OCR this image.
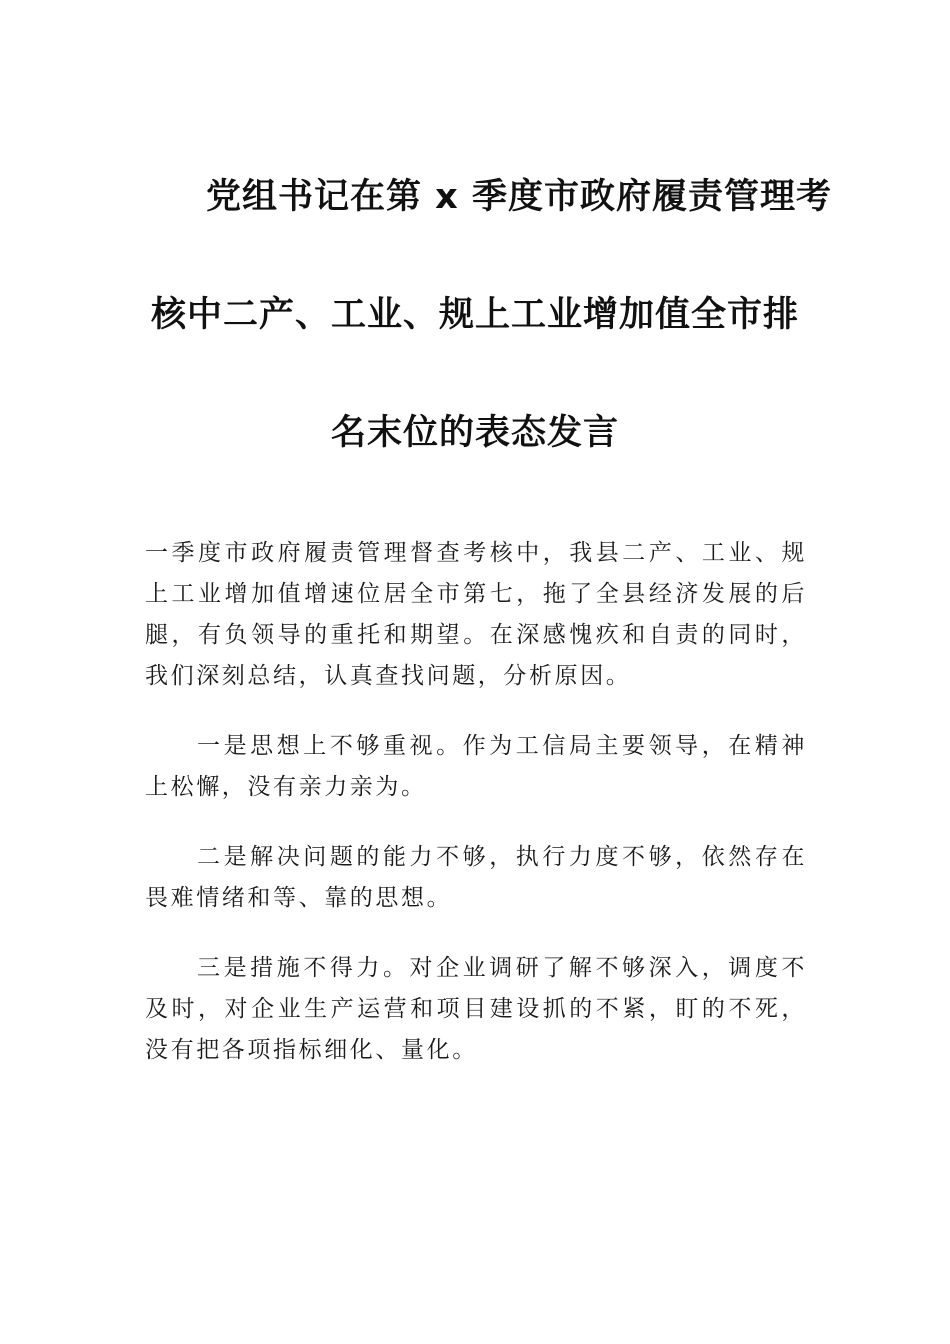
党组书记在第 x 季度市政府履责管理考
核中二产、工业、规上工业增加值全市排
名末位的表态发言

一季度市政府履责管理督查考核中，我县二产、工业、规上工业增加值增速位居全市第七，拖了全县经济发展的后腿，有负领导的重托和期望。在深感愧疚和自责的同时，我们深刻总结，认真查找问题，分析原因。

一是思想上不够重视。作为工信局主要领导，在精神上松懈，没有亲力亲为。

二是解决问题的能力不够，执行力度不够，依然存在畏难情绪和等、靠的思想。

三是措施不得力。对企业调研了解不够深入，调度不及时，对企业生产运营和项目建设抓的不紧，盯的不死，没有把各项指标细化、量化。
